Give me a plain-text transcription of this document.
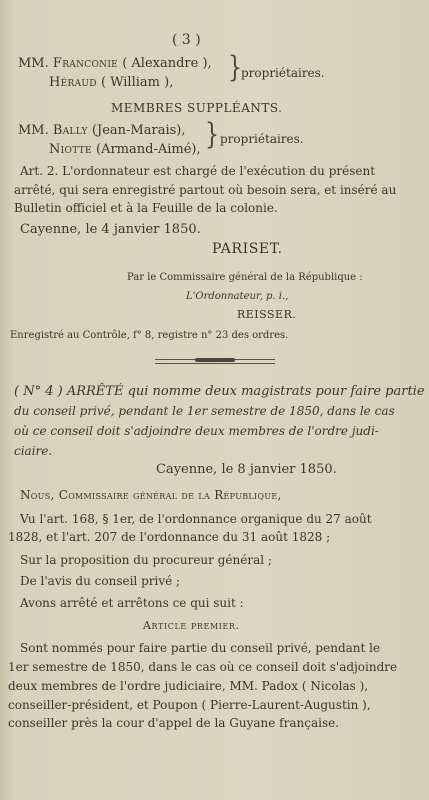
( 3 )
MM. Franconie ( Alexandre ),
Héraud ( William ), } propriétaires.
MEMBRES SUPPLÉANTS.
MM. Bally (Jean-Marais),
Niotte (Armand-Aimé), } propriétaires.
Art. 2. L'ordonnateur est chargé de l'exécution du présent
arrêté, qui sera enregistré partout où besoin sera, et inséré au
Bulletin officiel et à la Feuille de la colonie.
Cayenne, le 4 janvier 1850.
PARISET.
Par le Commissaire général de la République :
L'Ordonnateur, p. i.,
REISSER.
Enregistré au Contrôle, f° 8, registre n° 23 des ordres.
( N° 4 ) ARRÊTÉ qui nomme deux magistrats pour faire partie
du conseil privé, pendant le 1er semestre de 1850, dans le cas
où ce conseil doit s'adjoindre deux membres de l'ordre judi-
ciaire.
Cayenne, le 8 janvier 1850.
Nous, Commissaire général de la République,
Vu l'art. 168, § 1er, de l'ordonnance organique du 27 août
1828, et l'art. 207 de l'ordonnance du 31 août 1828 ;
Sur la proposition du procureur général ;
De l'avis du conseil privé ;
Avons arrêté et arrêtons ce qui suit :
Article premier.
Sont nommés pour faire partie du conseil privé, pendant le
1er semestre de 1850, dans le cas où ce conseil doit s'adjoindre
deux membres de l'ordre judiciaire, MM. Padox ( Nicolas ),
conseiller-président, et Poupon ( Pierre-Laurent-Augustin ),
conseiller près la cour d'appel de la Guyane française.
